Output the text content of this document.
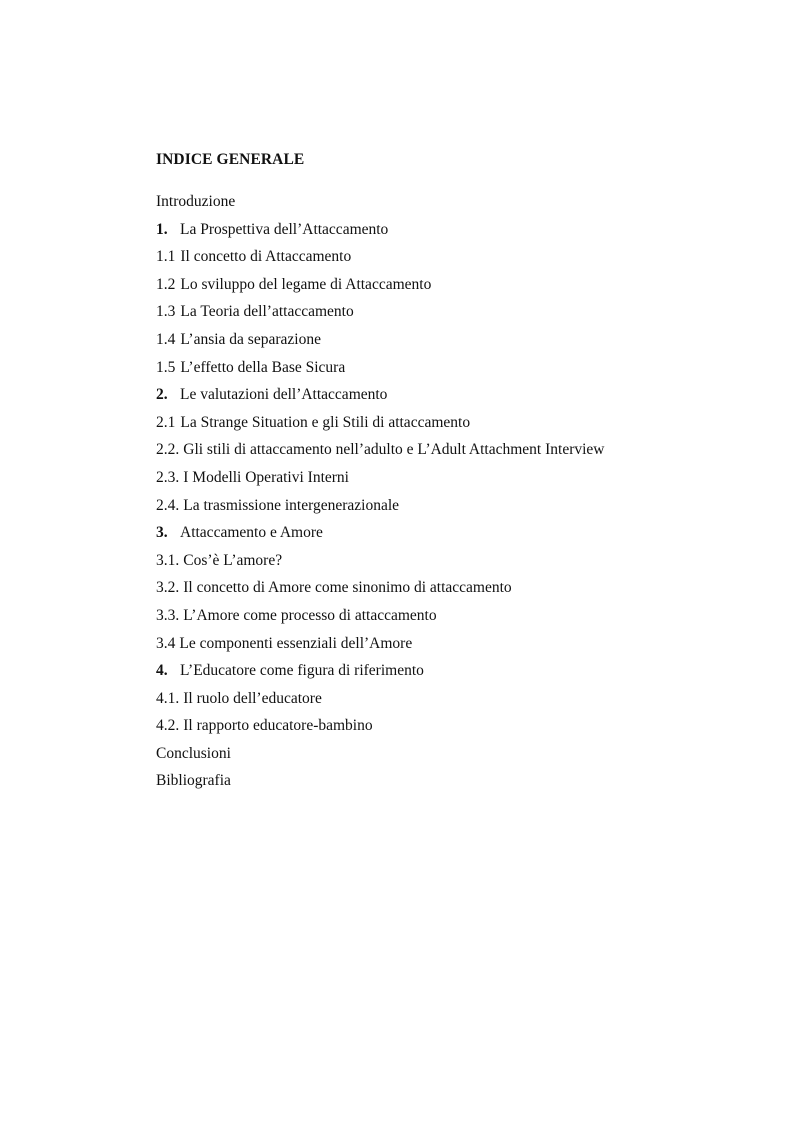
INDICE GENERALE
Introduzione
1. La Prospettiva dell’Attaccamento
1.1 Il concetto di Attaccamento
1.2 Lo sviluppo del legame di Attaccamento
1.3 La Teoria dell’attaccamento
1.4 L’ansia da separazione
1.5 L’effetto della Base Sicura
2. Le valutazioni dell’Attaccamento
2.1 La Strange Situation e gli Stili di attaccamento
2.2. Gli stili di attaccamento nell’adulto e L’Adult Attachment Interview
2.3. I Modelli Operativi Interni
2.4. La trasmissione intergenerazionale
3. Attaccamento e Amore
3.1. Cos’è L’amore?
3.2. Il concetto di Amore come sinonimo di attaccamento
3.3. L’Amore come processo di attaccamento
3.4 Le componenti essenziali dell’Amore
4. L’Educatore come figura di riferimento
4.1. Il ruolo dell’educatore
4.2. Il rapporto educatore-bambino
Conclusioni
Bibliografia
